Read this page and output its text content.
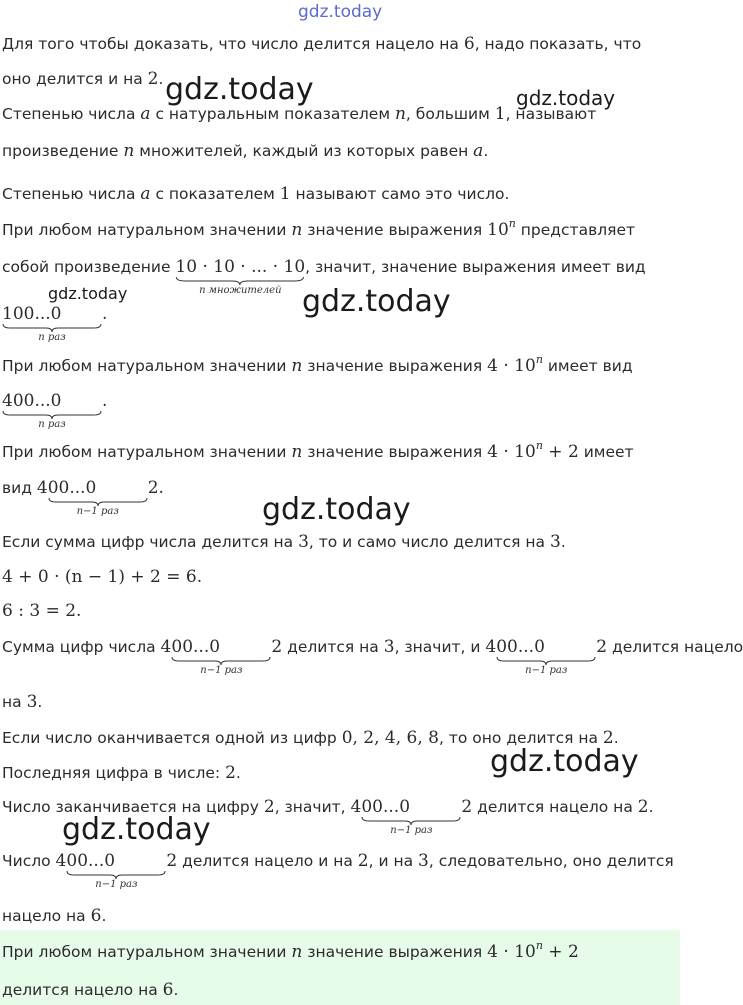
gdz.today
gdz.today	gdz.today
gdz.today	gdz.today
gdz.today
gdz.today
gdz.today
Для того чтобы доказать, что число делится нацело на 6, надо показать, что
оно делится и на 2.
Степенью числа a с натуральным показателем n, большим 1, называют
произведение n множителей, каждый из которых равен a.
Степенью числа a с показателем 1 называют само это число.
При любом натуральном значении n значение выражения 10$^n$ представляет
собой произведение 10 · 10 · ... · 10
n множителей
, значит, значение выражения имеет вид
100...0
n раз
.
При любом натуральном значении n значение выражения $4 \cdot 10^n$ имеет вид
400...0
n раз
.
При любом натуральном значении n значение выражения $4 \cdot 10^n + 2$ имеет
вид 4 00...0
n−1 раз
2.
Если сумма цифр числа делится на 3, то и само число делится на 3.
4 + 0 · (n − 1) + 2 = 6.
6 : 3 = 2.
Сумма цифр числа 4 00...0
n−1 раз
2 делится на 3, значит, и 4 00...0
n−1 раз
2 делится нацело
на 3.
Если число оканчивается одной из цифр 0, 2, 4, 6, 8, то оно делится на 2.
Последняя цифра в числе: 2.
Число заканчивается на цифру 2, значит, 4 00...0
n−1 раз
2 делится нацело на 2.
Число 4 00...0
n−1 раз
2 делится нацело и на 2, и на 3, следовательно, оно делится
нацело на 6.
При любом натуральном значении n значение выражения $4 \cdot 10^n + 2$
делится нацело на 6.
